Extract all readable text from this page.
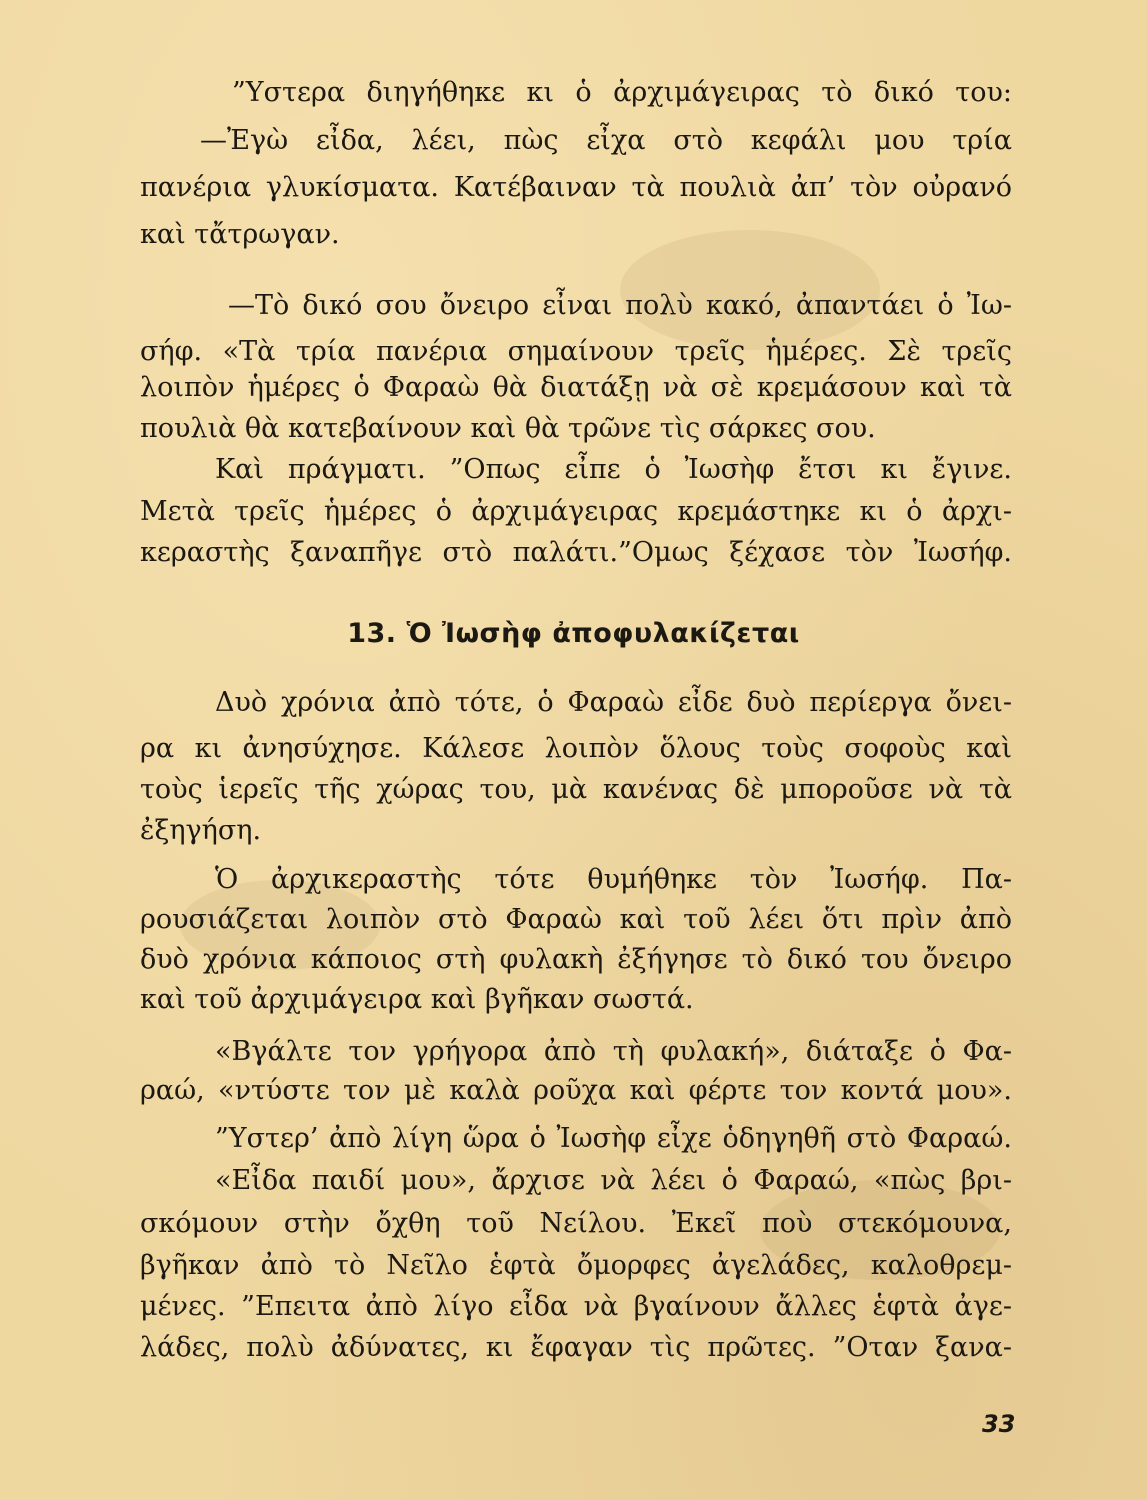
”Υστερα διηγήθηκε κι ὁ ἀρχιμάγειρας τὸ δικό του:
—Ἐγὼ εἶδα, λέει, πὼς εἶχα στὸ κεφάλι μου τρία
πανέρια γλυκίσματα. Κατέβαιναν τὰ πουλιὰ ἀπ’ τὸν οὐρανό
καὶ τἄτρωγαν.
—Τὸ δικό σου ὄνειρο εἶναι πολὺ κακό, ἀπαντάει ὁ Ἰω-
σήφ. «Τὰ τρία πανέρια σημαίνουν τρεῖς ἡμέρες. Σὲ τρεῖς
λοιπὸν ἡμέρες ὁ Φαραὼ θὰ διατάξῃ νὰ σὲ κρεμάσουν καὶ τὰ
πουλιὰ θὰ κατεβαίνουν καὶ θὰ τρῶνε τὶς σάρκες σου.
Καὶ πράγματι. ”Οπως εἶπε ὁ Ἰωσὴφ ἔτσι κι ἔγινε.
Μετὰ τρεῖς ἡμέρες ὁ ἀρχιμάγειρας κρεμάστηκε κι ὁ ἀρχι-
κεραστὴς ξαναπῆγε στὸ παλάτι.”Ομως ξέχασε τὸν Ἰωσήφ.
13. Ὁ Ἰωσὴφ ἀποφυλακίζεται
Δυὸ χρόνια ἀπὸ τότε, ὁ Φαραὼ εἶδε δυὸ περίεργα ὄνει-
ρα κι ἀνησύχησε. Κάλεσε λοιπὸν ὅλους τοὺς σοφοὺς καὶ
τοὺς ἱερεῖς τῆς χώρας του, μὰ κανένας δὲ μποροῦσε νὰ τὰ
ἐξηγήση.
Ὁ ἀρχικεραστὴς τότε θυμήθηκε τὸν Ἰωσήφ. Πα-
ρουσιάζεται λοιπὸν στὸ Φαραὼ καὶ τοῦ λέει ὅτι πρὶν ἀπὸ
δυὸ χρόνια κάποιος στὴ φυλακὴ ἐξήγησε τὸ δικό του ὄνειρο
καὶ τοῦ ἀρχιμάγειρα καὶ βγῆκαν σωστά.
«Βγάλτε τον γρήγορα ἀπὸ τὴ φυλακή», διάταξε ὁ Φα-
ραώ, «ντύστε τον μὲ καλὰ ροῦχα καὶ φέρτε τον κοντά μου».
”Υστερ’ ἀπὸ λίγη ὥρα ὁ Ἰωσὴφ εἶχε ὁδηγηθῆ στὸ Φαραώ.
«Εἶδα παιδί μου», ἄρχισε νὰ λέει ὁ Φαραώ, «πὼς βρι-
σκόμουν στὴν ὄχθη τοῦ Νείλου. Ἐκεῖ ποὺ στεκόμουνα,
βγῆκαν ἀπὸ τὸ Νεῖλο ἑφτὰ ὄμορφες ἀγελάδες, καλοθρεμ-
μένες. ”Επειτα ἀπὸ λίγο εἶδα νὰ βγαίνουν ἄλλες ἑφτὰ ἀγε-
λάδες, πολὺ ἀδύνατες, κι ἔφαγαν τὶς πρῶτες. ”Οταν ξανα-
33
